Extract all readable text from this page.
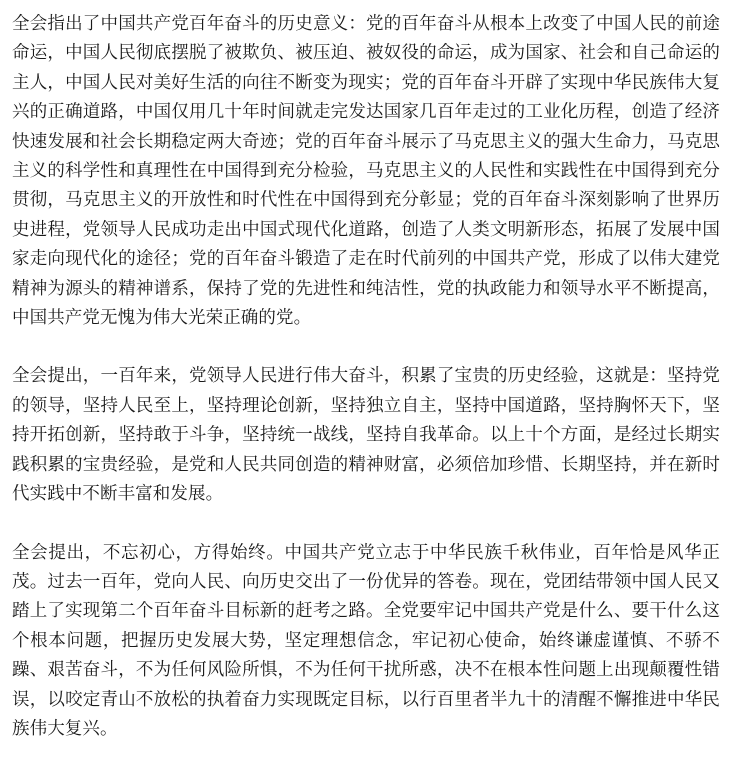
全会指出了中国共产党百年奋斗的历史意义：党的百年奋斗从根本上改变了中国人民的前途命运，中国人民彻底摆脱了被欺负、被压迫、被奴役的命运，成为国家、社会和自己命运的主人，中国人民对美好生活的向往不断变为现实；党的百年奋斗开辟了实现中华民族伟大复兴的正确道路，中国仅用几十年时间就走完发达国家几百年走过的工业化历程，创造了经济快速发展和社会长期稳定两大奇迹；党的百年奋斗展示了马克思主义的强大生命力，马克思主义的科学性和真理性在中国得到充分检验，马克思主义的人民性和实践性在中国得到充分贯彻，马克思主义的开放性和时代性在中国得到充分彰显；党的百年奋斗深刻影响了世界历史进程，党领导人民成功走出中国式现代化道路，创造了人类文明新形态，拓展了发展中国家走向现代化的途径；党的百年奋斗锻造了走在时代前列的中国共产党，形成了以伟大建党精神为源头的精神谱系，保持了党的先进性和纯洁性，党的执政能力和领导水平不断提高，中国共产党无愧为伟大光荣正确的党。

全会提出，一百年来，党领导人民进行伟大奋斗，积累了宝贵的历史经验，这就是：坚持党的领导，坚持人民至上，坚持理论创新，坚持独立自主，坚持中国道路，坚持胸怀天下，坚持开拓创新，坚持敢于斗争，坚持统一战线，坚持自我革命。以上十个方面，是经过长期实践积累的宝贵经验，是党和人民共同创造的精神财富，必须倍加珍惜、长期坚持，并在新时代实践中不断丰富和发展。

全会提出，不忘初心，方得始终。中国共产党立志于中华民族千秋伟业，百年恰是风华正茂。过去一百年，党向人民、向历史交出了一份优异的答卷。现在，党团结带领中国人民又踏上了实现第二个百年奋斗目标新的赶考之路。全党要牢记中国共产党是什么、要干什么这个根本问题，把握历史发展大势，坚定理想信念，牢记初心使命，始终谦虚谨慎、不骄不躁、艰苦奋斗，不为任何风险所惧，不为任何干扰所惑，决不在根本性问题上出现颠覆性错误，以咬定青山不放松的执着奋力实现既定目标，以行百里者半九十的清醒不懈推进中华民族伟大复兴。
